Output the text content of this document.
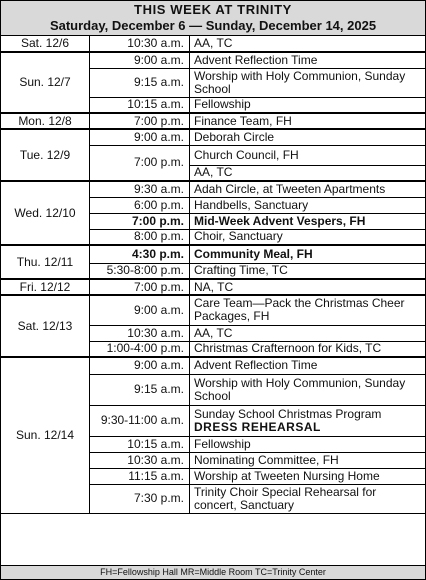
THIS WEEK AT TRINITY
Saturday, December 6 — Sunday, December 14, 2025
Sat. 12/6	10:30 a.m.	AA, TC
Sun. 12/7	9:00 a.m.	Advent Reflection Time
	9:15 a.m.	Worship with Holy Communion, Sunday School
	10:15 a.m.	Fellowship
Mon. 12/8	7:00 p.m.	Finance Team, FH
Tue. 12/9	9:00 a.m.	Deborah Circle
	7:00 p.m.	Church Council, FH
		AA, TC
Wed. 12/10	9:30 a.m.	Adah Circle, at Tweeten Apartments
	6:00 p.m.	Handbells, Sanctuary
	7:00 p.m.	Mid-Week Advent Vespers, FH
	8:00 p.m.	Choir, Sanctuary
Thu. 12/11	4:30 p.m.	Community Meal, FH
	5:30-8:00 p.m.	Crafting Time, TC
Fri. 12/12	7:00 p.m.	NA, TC
Sat. 12/13	9:00 a.m.	Care Team—Pack the Christmas Cheer Packages, FH
	10:30 a.m.	AA, TC
	1:00-4:00 p.m.	Christmas Crafternoon for Kids, TC
Sun. 12/14	9:00 a.m.	Advent Reflection Time
	9:15 a.m.	Worship with Holy Communion, Sunday School
	9:30-11:00 a.m.	Sunday School Christmas Program
DRESS REHEARSAL

	10:15 a.m.	Fellowship
	10:30 a.m.	Nominating Committee, FH
	11:15 a.m.	Worship at Tweeten Nursing Home
	7:30 p.m.	Trinity Choir Special Rehearsal for concert, Sanctuary
FH=Fellowship Hall MR=Middle Room TC=Trinity Center
